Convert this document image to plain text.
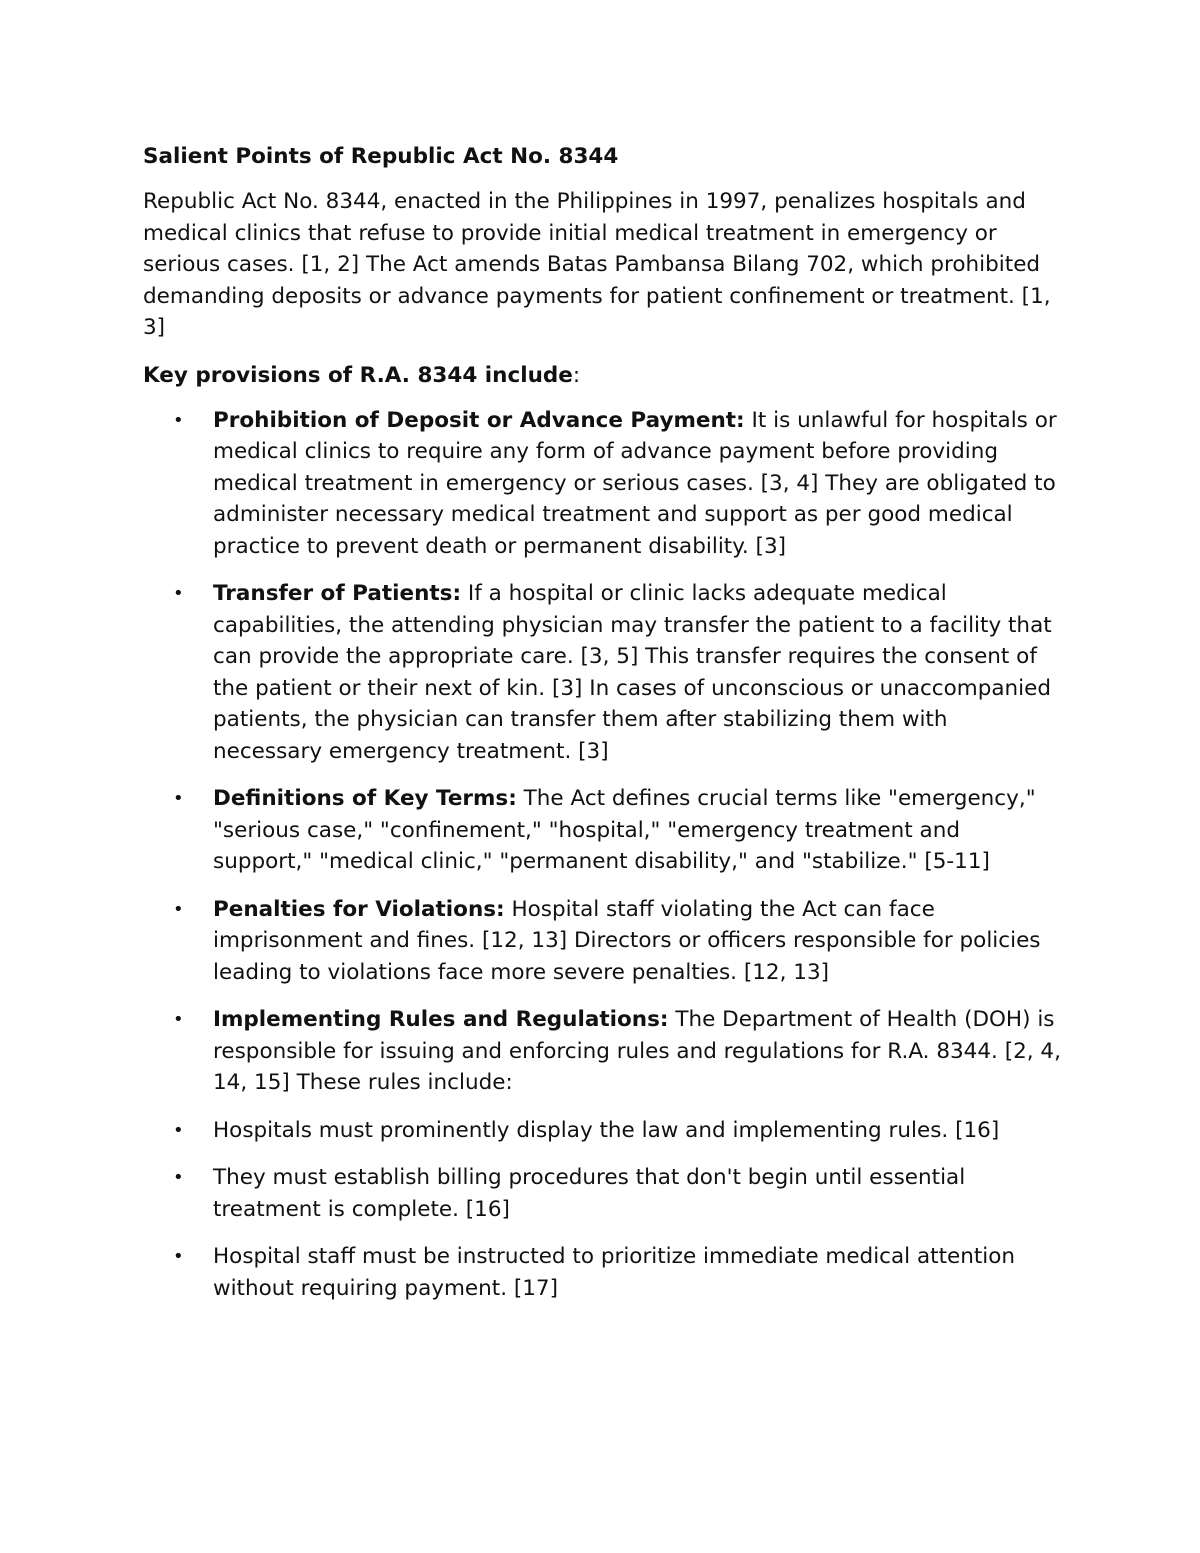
Salient Points of Republic Act No. 8344

Republic Act No. 8344, enacted in the Philippines in 1997, penalizes hospitals and medical clinics that refuse to provide initial medical treatment in emergency or serious cases. [1, 2] The Act amends Batas Pambansa Bilang 702, which prohibited demanding deposits or advance payments for patient confinement or treatment. [1, 3]

Key provisions of R.A. 8344 include:

•	Prohibition of Deposit or Advance Payment: It is unlawful for hospitals or medical clinics to require any form of advance payment before providing medical treatment in emergency or serious cases. [3, 4] They are obligated to administer necessary medical treatment and support as per good medical practice to prevent death or permanent disability. [3]
•	Transfer of Patients: If a hospital or clinic lacks adequate medical capabilities, the attending physician may transfer the patient to a facility that can provide the appropriate care. [3, 5] This transfer requires the consent of the patient or their next of kin. [3] In cases of unconscious or unaccompanied patients, the physician can transfer them after stabilizing them with necessary emergency treatment. [3]
•	Definitions of Key Terms: The Act defines crucial terms like "emergency," "serious case," "confinement," "hospital," "emergency treatment and support," "medical clinic," "permanent disability," and "stabilize." [5-11]
•	Penalties for Violations: Hospital staff violating the Act can face imprisonment and fines. [12, 13] Directors or officers responsible for policies leading to violations face more severe penalties. [12, 13]
•	Implementing Rules and Regulations: The Department of Health (DOH) is responsible for issuing and enforcing rules and regulations for R.A. 8344. [2, 4, 14, 15] These rules include:
•	Hospitals must prominently display the law and implementing rules. [16]
•	They must establish billing procedures that don't begin until essential treatment is complete. [16]
•	Hospital staff must be instructed to prioritize immediate medical attention without requiring payment. [17]
